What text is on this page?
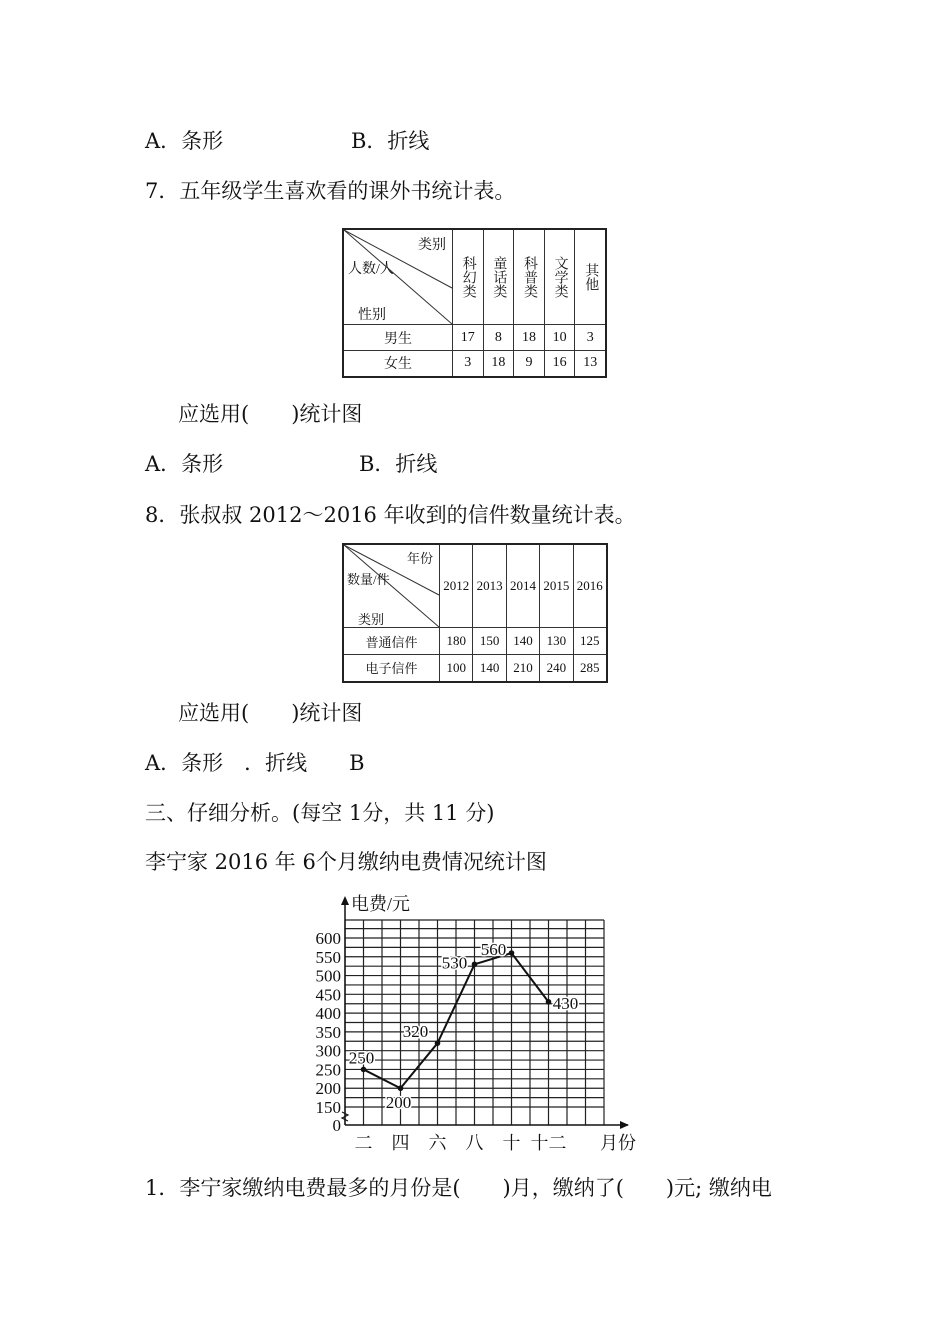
A．条形	B．折线
7．五年级学生喜欢看的课外书统计表。
类别
人数/人
性别	科幻类	童话类	科普类	文学类	其他

男生	17	8	18	10	3
女生	3	18	9	16	13
应选用(　　)统计图
A．条形	B．折线
8．张叔叔 2012～2016 年收到的信件数量统计表。
年份
数量/件
类别	2012	2013	2014	2015	2016
普通信件	180	150	140	130	125
电子信件	100	140	210	240	285
应选用(　　)统计图
A．条形　．折线　　B
三、仔细分析。(每空 1分，共 11 分)
李宁家 2016 年 6个月缴纳电费情况统计图
电费/元
0
150
200
250
300
350
400
450
500
550
600
二 四 六 八 十 十二 月份
250
200
320
530
560
430
1．李宁家缴纳电费最多的月份是(　　)月，缴纳了(　　)元; 缴纳电
